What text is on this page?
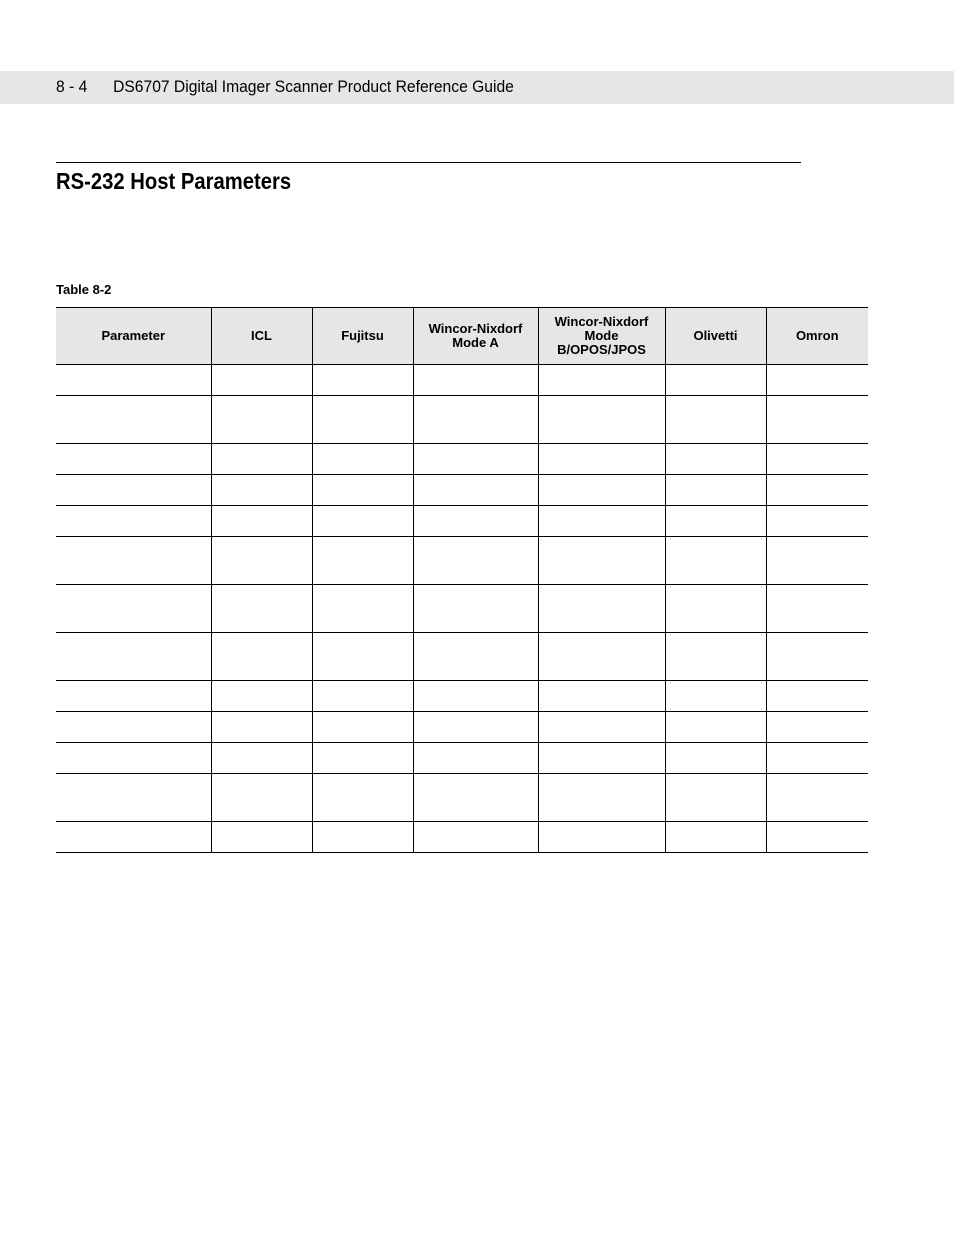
8 - 4 DS6707 Digital Imager Scanner Product Reference Guide
RS-232 Host Parameters
Table 8-2
Parameter	ICL	Fujitsu	Wincor-Nixdorf Mode A	Wincor-Nixdorf Mode B/OPOS/JPOS	Olivetti	Omron
